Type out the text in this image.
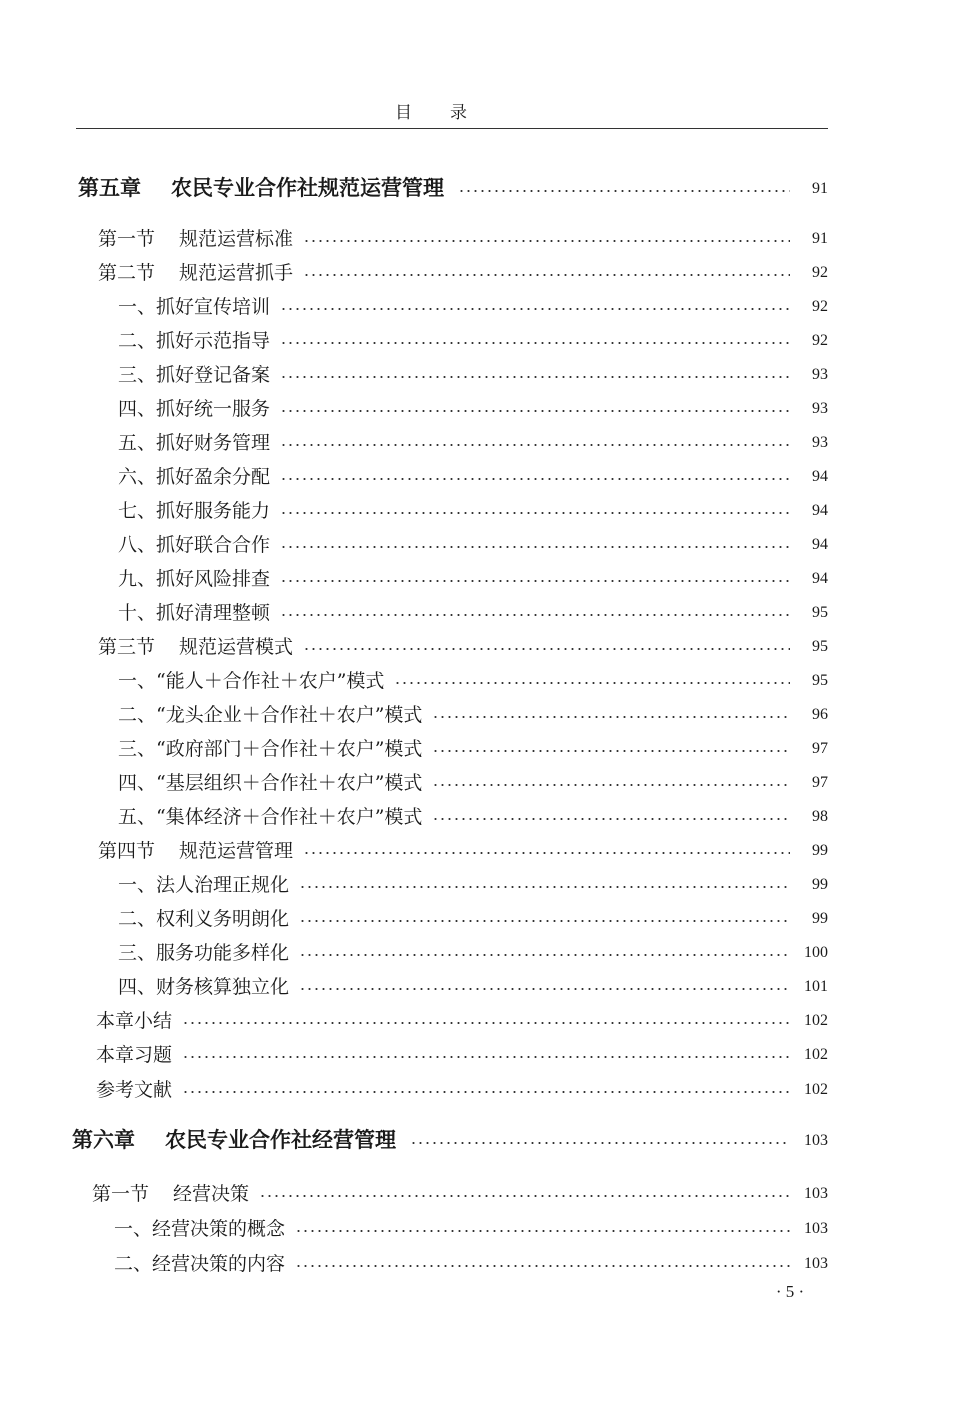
目录
第五章 农民专业合作社规范运营管理	91
第一节 规范运营标准	91
第二节 规范运营抓手	92
一、抓好宣传培训	92
二、抓好示范指导	92
三、抓好登记备案	93
四、抓好统一服务	93
五、抓好财务管理	93
六、抓好盈余分配	94
七、抓好服务能力	94
八、抓好联合合作	94
九、抓好风险排查	94
十、抓好清理整顿	95
第三节 规范运营模式	95
一、“能人＋合作社＋农户”模式	95
二、“龙头企业＋合作社＋农户”模式	96
三、“政府部门＋合作社＋农户”模式	97
四、“基层组织＋合作社＋农户”模式	97
五、“集体经济＋合作社＋农户”模式	98
第四节 规范运营管理	99
一、法人治理正规化	99
二、权利义务明朗化	99
三、服务功能多样化	100
四、财务核算独立化	101
本章小结	102
本章习题	102
参考文献	102
第六章 农民专业合作社经营管理	103
第一节 经营决策	103
一、经营决策的概念	103
二、经营决策的内容	103
· 5 ·
